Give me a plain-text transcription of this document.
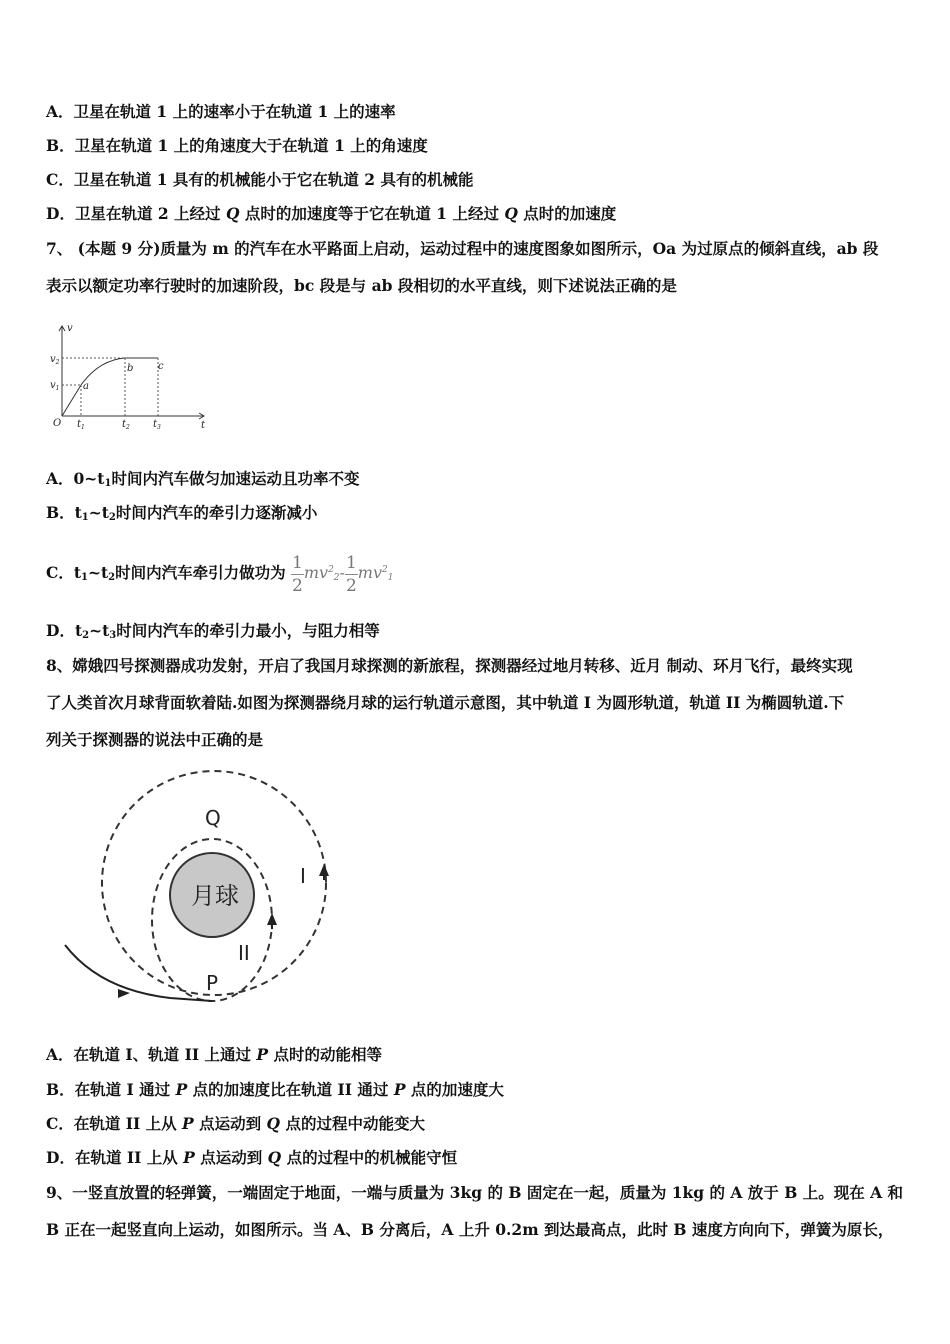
A．卫星在轨道 1 上的速率小于在轨道 1 上的速率
B．卫星在轨道 1 上的角速度大于在轨道 1 上的角速度
C．卫星在轨道 1 具有的机械能小于它在轨道 2 具有的机械能
D．卫星在轨道 2 上经过 Q 点时的加速度等于它在轨道 1 上经过 Q 点时的加速度
7、 (本题 9 分)质量为 m 的汽车在水平路面上启动，运动过程中的速度图象如图所示，Oa 为过原点的倾斜直线，ab 段
表示以额定功率行驶时的加速阶段，bc 段是与 ab 段相切的水平直线，则下述说法正确的是
v
t
O
$v_2$
$v_1$
$t_1$	$t_2$ $t_3$
a
b c
A．$0\sim t_1$时间内汽车做匀加速运动且功率不变
B．$t_1\sim t_2$时间内汽车的牵引力逐渐减小
C．$t_1\sim t_2$时间内汽车牵引力做功为 $\frac{1}{2} mv^2_2- \frac{1}{2} mv^2_1$
D．$t_2\sim t_3$时间内汽车的牵引力最小，与阻力相等
8、嫦娥四号探测器成功发射，开启了我国月球探测的新旅程，探测器经过地月转移、近月 制动、环月飞行，最终实现
了人类首次月球背面软着陆.如图为探测器绕月球的运行轨道示意图，其中轨道 I 为圆形轨道，轨道 II 为椭圆轨道.下
列关于探测器的说法中正确的是
月球
Q
P
I
II
A．在轨道 I、轨道 II 上通过 P 点时的动能相等
B．在轨道 I 通过 P 点的加速度比在轨道 II 通过 P 点的加速度大
C．在轨道 II 上从 P 点运动到 Q 点的过程中动能变大
D．在轨道 II 上从 P 点运动到 Q 点的过程中的机械能守恒
9、一竖直放置的轻弹簧，一端固定于地面，一端与质量为 3kg 的 B 固定在一起，质量为 1kg 的 A 放于 B 上。现在 A 和
B 正在一起竖直向上运动，如图所示。当 A、B 分离后，A 上升 0.2m 到达最高点，此时 B 速度方向向下，弹簧为原长，
